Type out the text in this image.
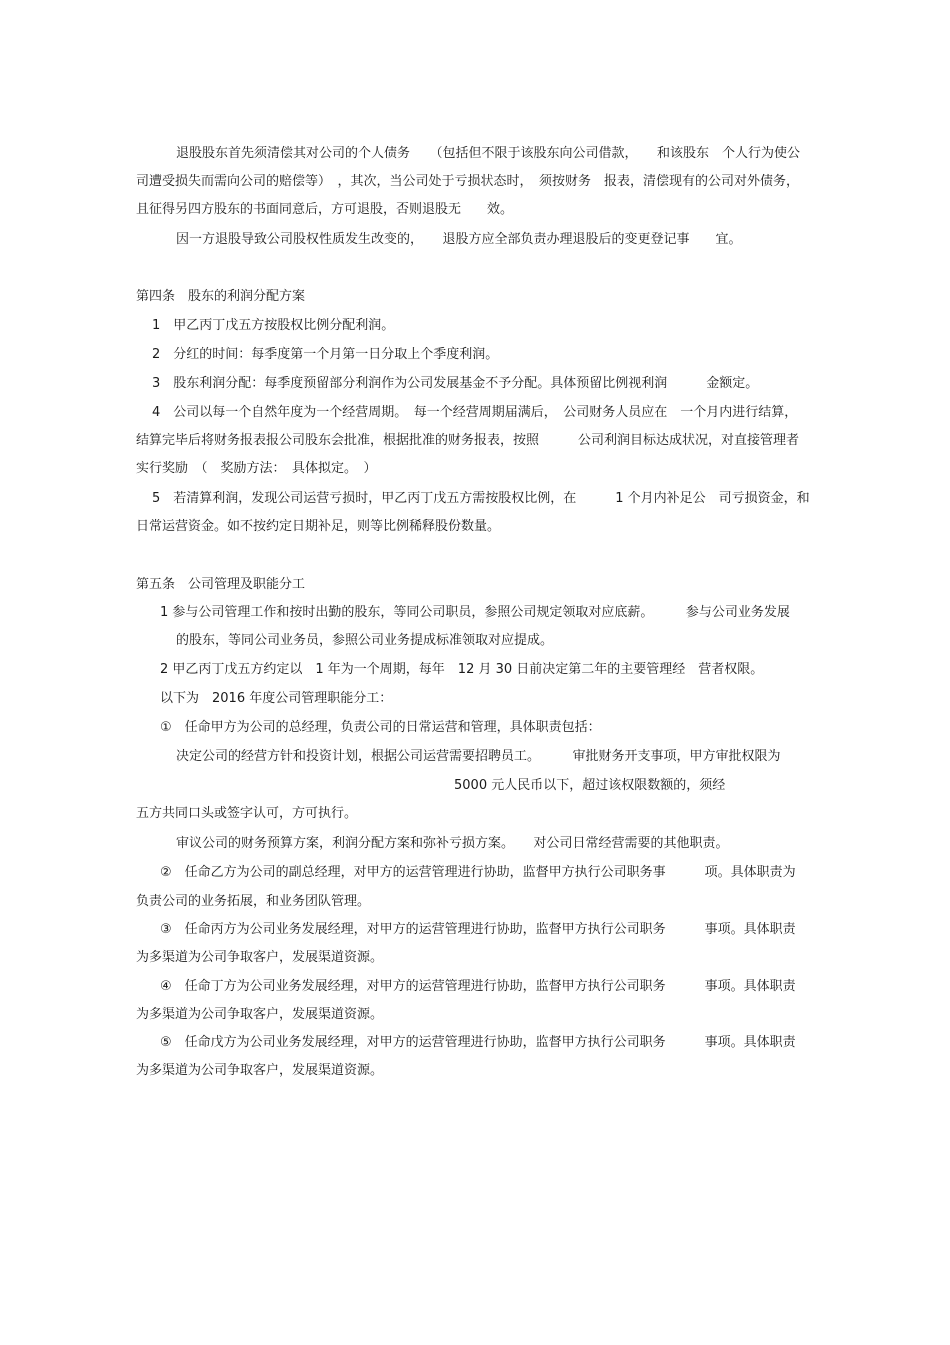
退股股东首先须清偿其对公司的个人债务　　（包括但不限于该股东向公司借款，　　和该股东　个人行为使公
司遭受损失而需向公司的赔偿等）　，其次，当公司处于亏损状态时，　须按财务　报表，清偿现有的公司对外债务，
且征得另四方股东的书面同意后，方可退股，否则退股无　　效。
因一方退股导致公司股权性质发生改变的，　　退股方应全部负责办理退股后的变更登记事　　宜。
第四条　股东的利润分配方案
1　甲乙丙丁戊五方按股权比例分配利润。
2　分红的时间：每季度第一个月第一日分取上个季度利润。
3　股东利润分配：每季度预留部分利润作为公司发展基金不予分配。具体预留比例视利润　　　金额定。
4　公司以每一个自然年度为一个经营周期。　每一个经营周期届满后，　公司财务人员应在　一个月内进行结算，
结算完毕后将财务报表报公司股东会批准，根据批准的财务报表，按照　　　公司利润目标达成状况，对直接管理者
实行奖励　（　奖励方法：　具体拟定。　）
5　若清算利润，发现公司运营亏损时，甲乙丙丁戊五方需按股权比例，在　　　1 个月内补足公　司亏损资金，和
日常运营资金。如不按约定日期补足，则等比例稀释股份数量。
第五条　公司管理及职能分工
1 参与公司管理工作和按时出勤的股东，等同公司职员，参照公司规定领取对应底薪。　　　参与公司业务发展
的股东，等同公司业务员，参照公司业务提成标准领取对应提成。
2 甲乙丙丁戊五方约定以　1 年为一个周期，每年　12 月 30 日前决定第二年的主要管理经　营者权限。
以下为　2016 年度公司管理职能分工：
①　任命甲方为公司的总经理，负责公司的日常运营和管理，具体职责包括：
决定公司的经营方针和投资计划，根据公司运营需要招聘员工。　　　审批财务开支事项，甲方审批权限为
5000 元人民币以下，超过该权限数额的，须经
五方共同口头或签字认可，方可执行。
审议公司的财务预算方案，利润分配方案和弥补亏损方案。　　对公司日常经营需要的其他职责。
②　任命乙方为公司的副总经理，对甲方的运营管理进行协助，监督甲方执行公司职务事　　　项。具体职责为
负责公司的业务拓展，和业务团队管理。
③　任命丙方为公司业务发展经理，对甲方的运营管理进行协助，监督甲方执行公司职务　　　事项。具体职责
为多渠道为公司争取客户，发展渠道资源。
④　任命丁方为公司业务发展经理，对甲方的运营管理进行协助，监督甲方执行公司职务　　　事项。具体职责
为多渠道为公司争取客户，发展渠道资源。
⑤　任命戊方为公司业务发展经理，对甲方的运营管理进行协助，监督甲方执行公司职务　　　事项。具体职责
为多渠道为公司争取客户，发展渠道资源。
